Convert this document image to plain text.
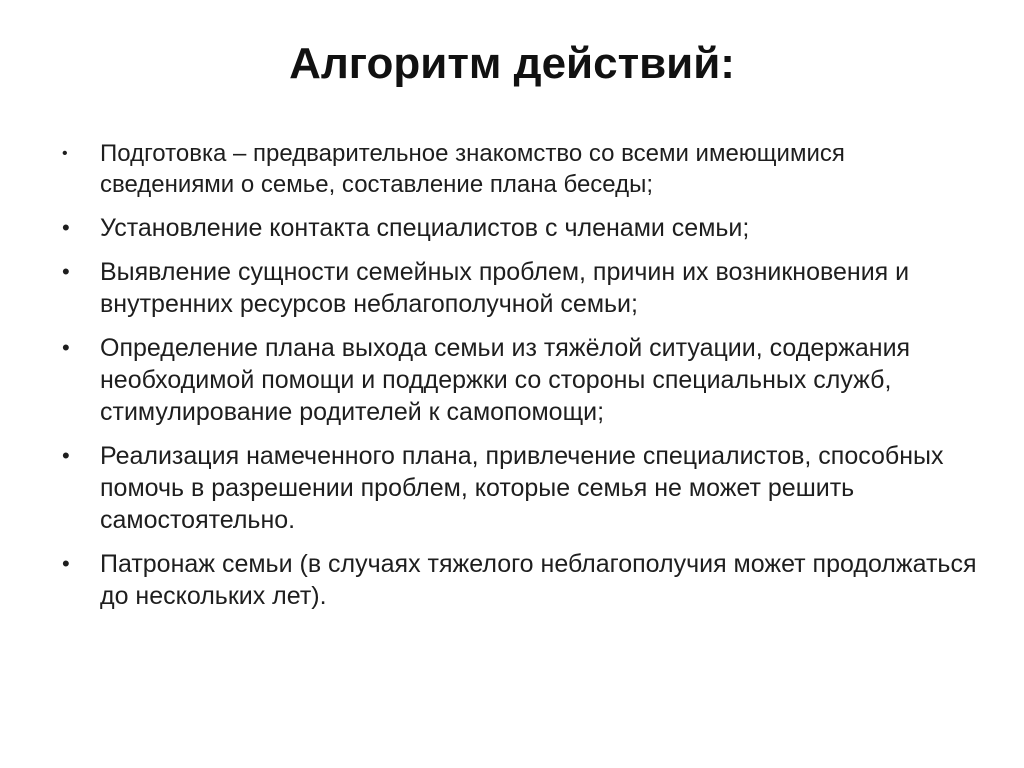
Алгоритм действий:
•	Подготовка – предварительное знакомство со всеми имеющимися сведениями о семье, составление плана беседы;
•	Установление контакта специалистов с членами семьи;
•	Выявление сущности семейных проблем, причин их возникновения и внутренних ресурсов неблагополучной семьи;
•	Определение плана выхода семьи из тяжёлой ситуации, содержания необходимой помощи и поддержки со стороны специальных служб, стимулирование родителей к самопомощи;
•	Реализация намеченного плана, привлечение специалистов, способных помочь в разрешении проблем, которые семья не может решить самостоятельно.
•	Патронаж семьи (в случаях тяжелого неблагополучия может продолжаться до нескольких лет).
